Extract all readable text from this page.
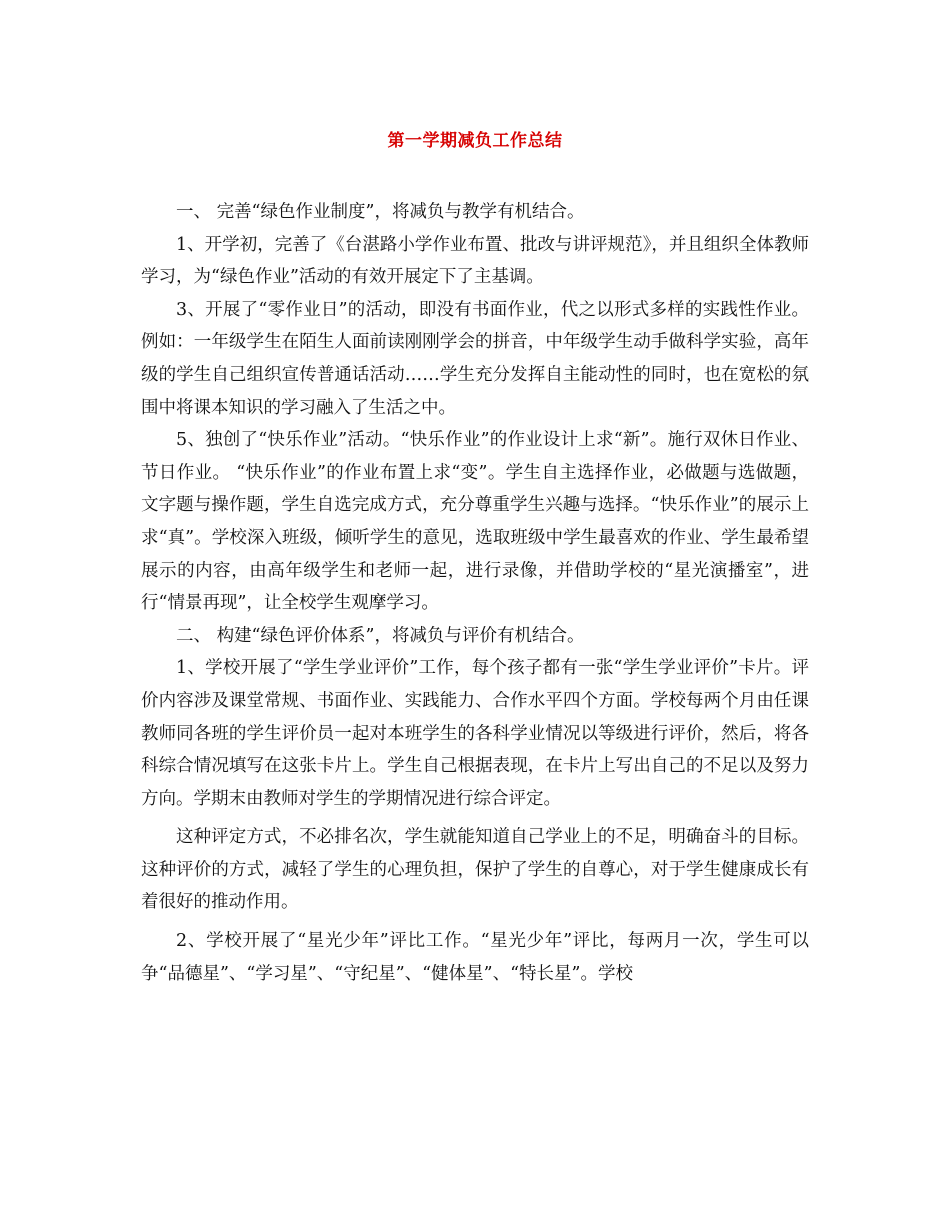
第一学期减负工作总结

一、 完善“绿色作业制度”，将减负与教学有机结合。

1、开学初，完善了《台湛路小学作业布置、批改与讲评规范》，并且组织全体教师学习，为“绿色作业”活动的有效开展定下了主基调。

3、开展了“零作业日”的活动，即没有书面作业，代之以形式多样的实践性作业。例如：一年级学生在陌生人面前读刚刚学会的拼音，中年级学生动手做科学实验，高年级的学生自己组织宣传普通话活动……学生充分发挥自主能动性的同时，也在宽松的氛围中将课本知识的学习融入了生活之中。

5、独创了“快乐作业”活动。“快乐作业”的作业设计上求“新”。施行双休日作业、节日作业。 “快乐作业”的作业布置上求“变”。学生自主选择作业，必做题与选做题，文字题与操作题，学生自选完成方式，充分尊重学生兴趣与选择。“快乐作业”的展示上求“真”。学校深入班级，倾听学生的意见，选取班级中学生最喜欢的作业、学生最希望展示的内容，由高年级学生和老师一起，进行录像，并借助学校的“星光演播室”，进行“情景再现”，让全校学生观摩学习。

二、 构建“绿色评价体系”，将减负与评价有机结合。

1、学校开展了“学生学业评价”工作，每个孩子都有一张“学生学业评价”卡片。评价内容涉及课堂常规、书面作业、实践能力、合作水平四个方面。学校每两个月由任课教师同各班的学生评价员一起对本班学生的各科学业情况以等级进行评价，然后，将各科综合情况填写在这张卡片上。学生自己根据表现，在卡片上写出自己的不足以及努力方向。学期末由教师对学生的学期情况进行综合评定。

这种评定方式，不必排名次，学生就能知道自己学业上的不足，明确奋斗的目标。这种评价的方式，减轻了学生的心理负担，保护了学生的自尊心，对于学生健康成长有着很好的推动作用。

2、学校开展了“星光少年”评比工作。“星光少年”评比，每两月一次，学生可以争“品德星”、“学习星”、“守纪星”、“健体星”、“特长星”。学校
